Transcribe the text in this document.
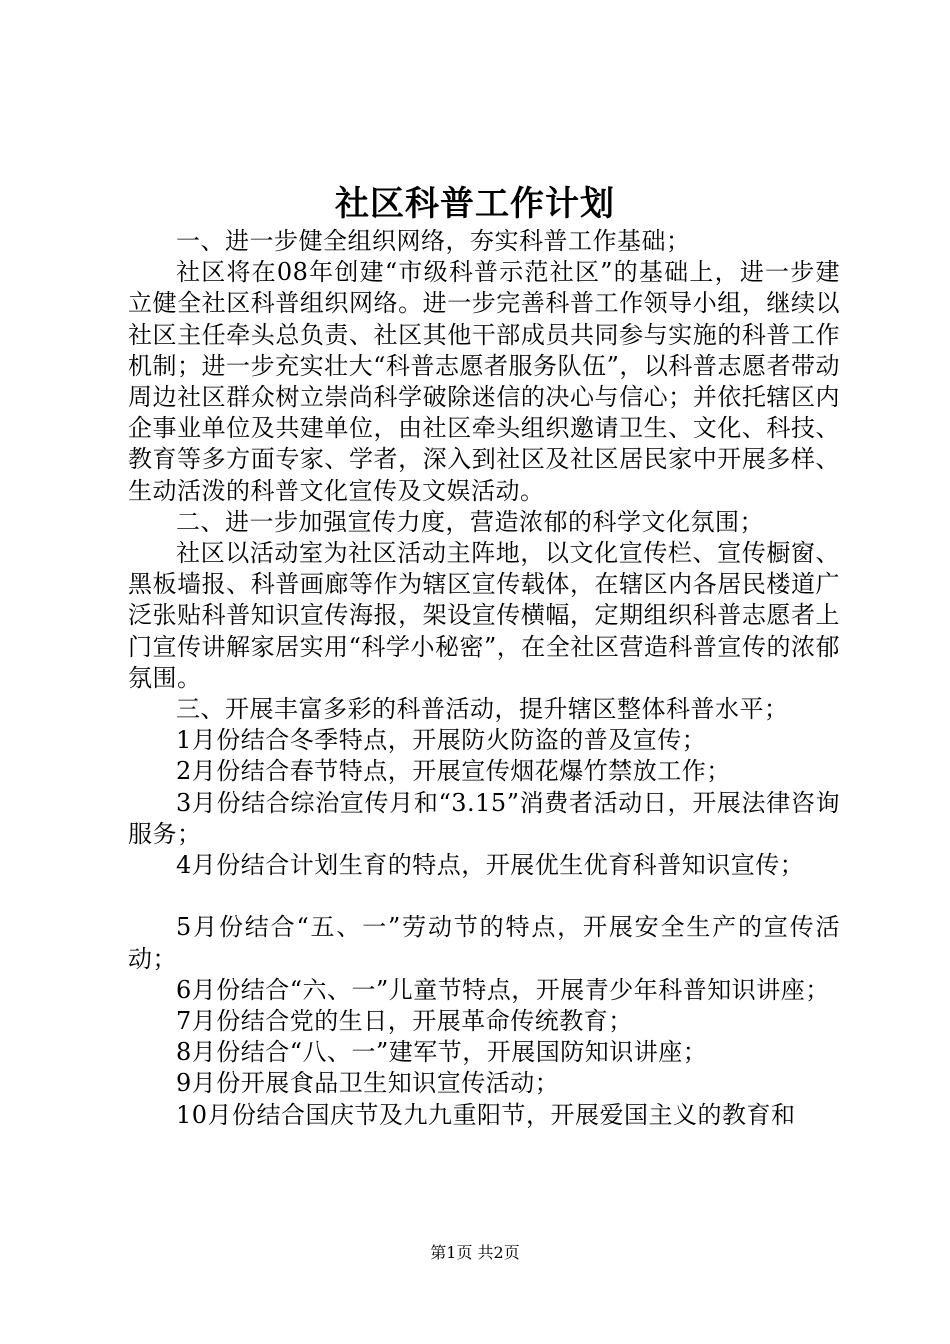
社区科普工作计划

一、进一步健全组织网络，夯实科普工作基础；

社区将在08年创建“市级科普示范社区”的基础上，进一步建立健全社区科普组织网络。进一步完善科普工作领导小组，继续以社区主任牵头总负责、社区其他干部成员共同参与实施的科普工作机制；进一步充实壮大“科普志愿者服务队伍”，以科普志愿者带动周边社区群众树立崇尚科学破除迷信的决心与信心；并依托辖区内企事业单位及共建单位，由社区牵头组织邀请卫生、文化、科技、教育等多方面专家、学者，深入到社区及社区居民家中开展多样、生动活泼的科普文化宣传及文娱活动。

二、进一步加强宣传力度，营造浓郁的科学文化氛围；

社区以活动室为社区活动主阵地，以文化宣传栏、宣传橱窗、黑板墙报、科普画廊等作为辖区宣传载体，在辖区内各居民楼道广泛张贴科普知识宣传海报，架设宣传横幅，定期组织科普志愿者上门宣传讲解家居实用“科学小秘密”，在全社区营造科普宣传的浓郁氛围。

三、开展丰富多彩的科普活动，提升辖区整体科普水平；

1月份结合冬季特点，开展防火防盗的普及宣传；

2月份结合春节特点，开展宣传烟花爆竹禁放工作；

3月份结合综治宣传月和“3.15”消费者活动日，开展法律咨询服务；

4月份结合计划生育的特点，开展优生优育科普知识宣传；

5月份结合“五、一”劳动节的特点，开展安全生产的宣传活动；

6月份结合“六、一”儿童节特点，开展青少年科普知识讲座；

7月份结合党的生日，开展革命传统教育；

8月份结合“八、一”建军节，开展国防知识讲座；

9月份开展食品卫生知识宣传活动；

10月份结合国庆节及九九重阳节，开展爱国主义的教育和

第1页 共2页
